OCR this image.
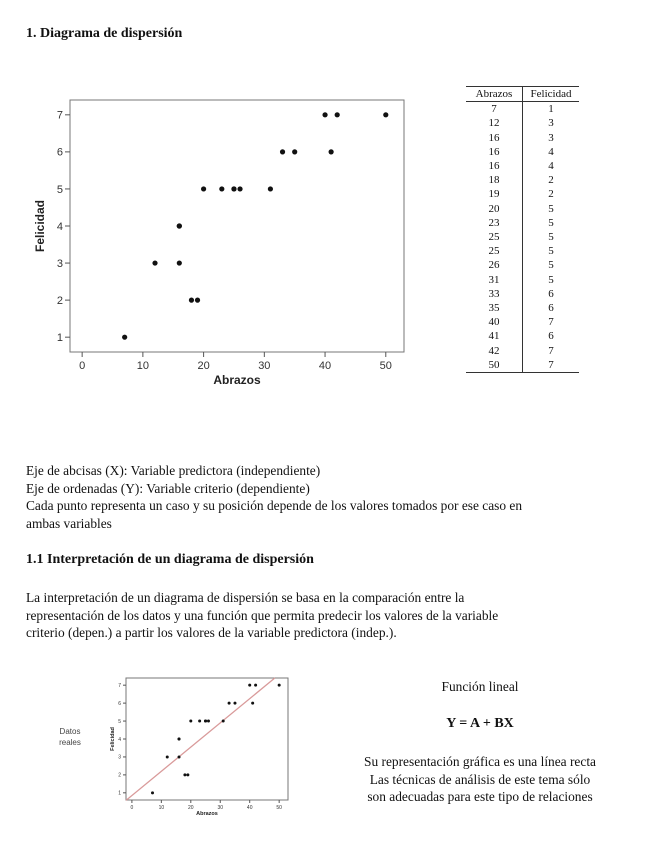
1. Diagrama de dispersión
0	10	20	30	40	50
1
2
3
4
5
6
7
Abrazos
Felicidad
Abrazos	Felicidad
7	1
12	3
16	3
16	4
16	4
18	2
19	2
20	5
23	5
25	5
25	5
26	5
31	5
33	6
35	6
40	7
41	6
42	7
50	7
Eje de abcisas (X): Variable predictora (independiente)
Eje de ordenadas (Y): Variable criterio (dependiente)
Cada punto representa un caso y su posición depende de los valores tomados por ese caso en
ambas variables
1.1 Interpretación de un diagrama de dispersión
La interpretación de un diagrama de dispersión se basa en la comparación entre la
representación de los datos y una función que permita predecir los valores de la variable
criterio (depen.) a partir los valores de la variable predictora (indep.).
0	10	20	30	40	50
1
2
3
4
5
6
7
Abrazos
Felicidad
Datos
reales
Función lineal
Y = A + BX
Su representación gráfica es una línea recta
Las técnicas de análisis de este tema sólo
son adecuadas para este tipo de relaciones
